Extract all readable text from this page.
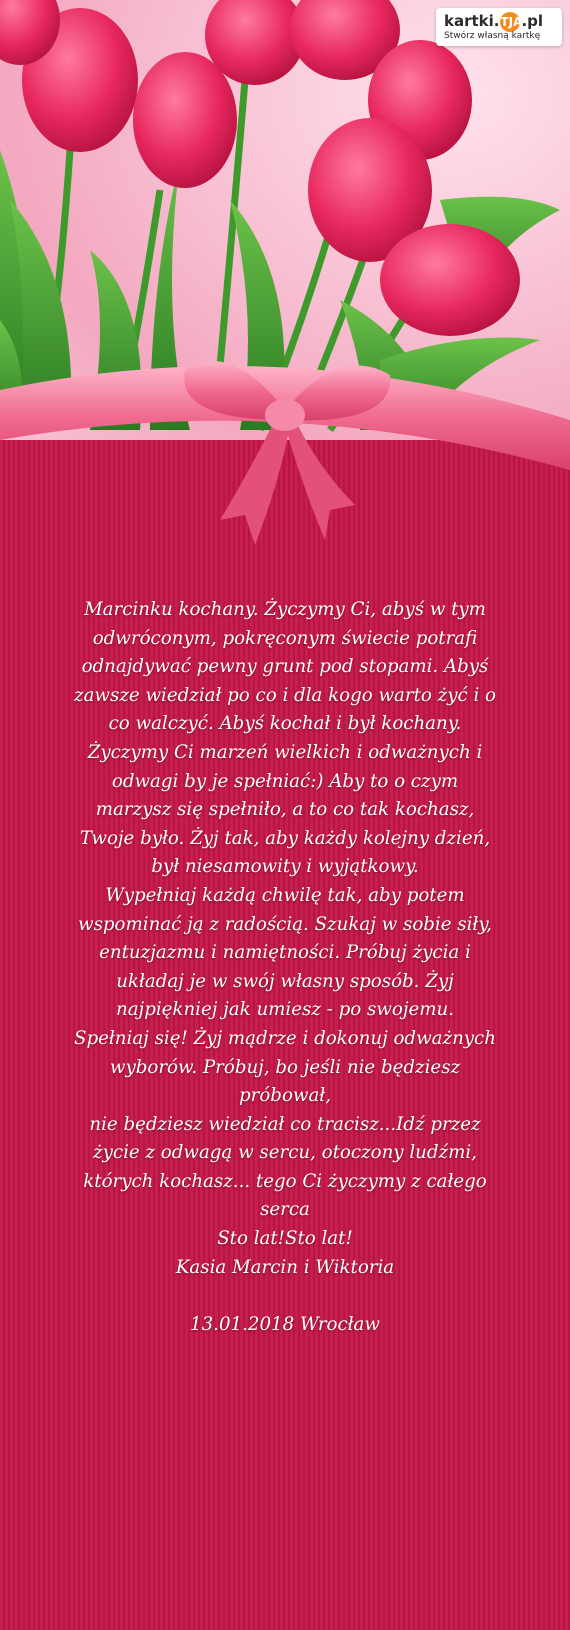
kartki.TJA.pl
Stwórz własną kartkę

Marcinku kochany. Życzymy Ci, abyś w tym

odwróconym, pokręconym świecie potrafi

odnajdywać pewny grunt pod stopami. Abyś

zawsze wiedział po co i dla kogo warto żyć i o

co walczyć. Abyś kochał i był kochany.

Życzymy Ci marzeń wielkich i odważnych i

odwagi by je spełniać:) Aby to o czym

marzysz się spełniło, a to co tak kochasz,

Twoje było. Żyj tak, aby każdy kolejny dzień,

był niesamowity i wyjątkowy.

Wypełniaj każdą chwilę tak, aby potem

wspominać ją z radością. Szukaj w sobie siły,

entuzjazmu i namiętności. Próbuj życia i

układaj je w swój własny sposób. Żyj

najpiękniej jak umiesz - po swojemu.

Spełniaj się! Żyj mądrze i dokonuj odważnych

wyborów. Próbuj, bo jeśli nie będziesz

próbował,

nie będziesz wiedział co tracisz...Idź przez

życie z odwagą w sercu, otoczony ludźmi,

których kochasz... tego Ci życzymy z całego

serca

Sto lat!Sto lat!

Kasia Marcin i Wiktoria

13.01.2018 Wrocław
